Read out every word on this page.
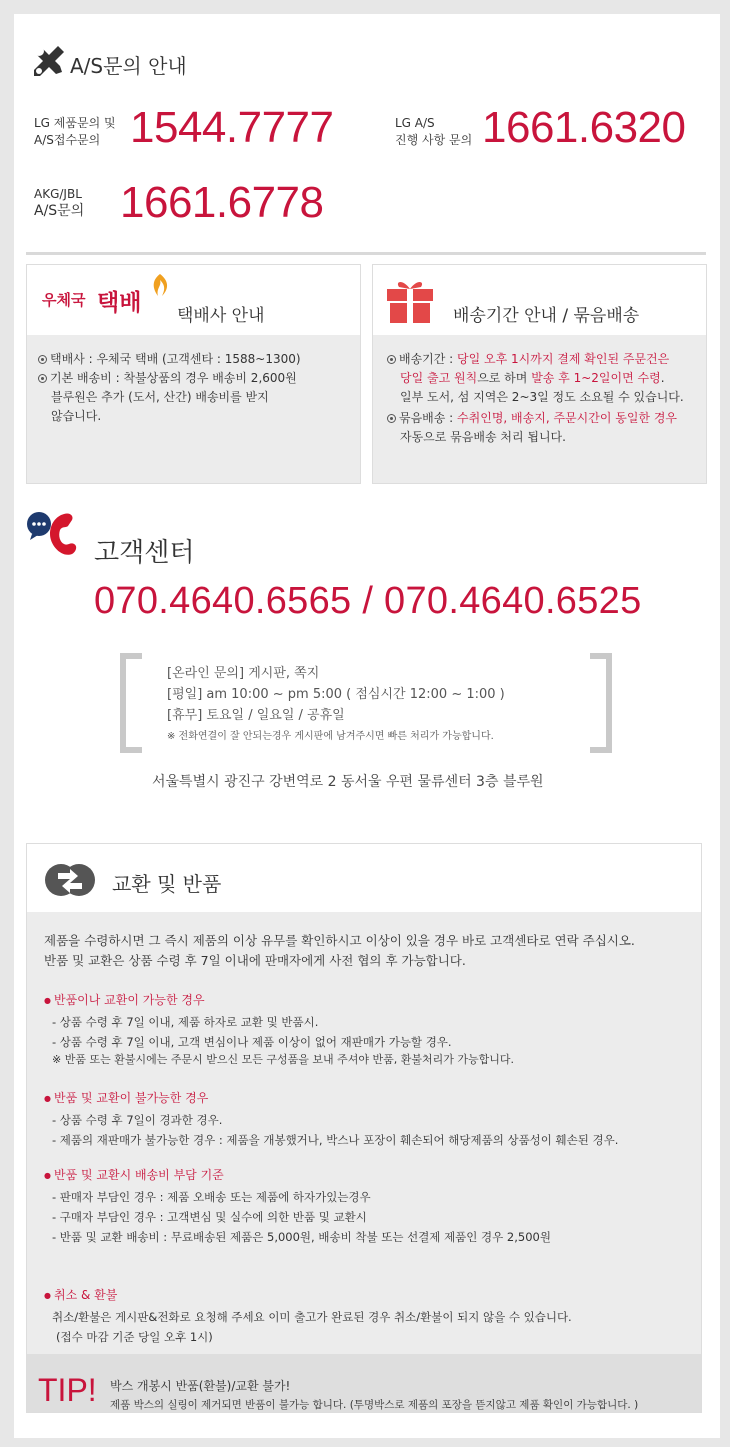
A/S문의 안내
LG 제품문의 및
A/S접수문의 1544.7777	LG A/S
진행 사항 문의 1661.6320
AKG/JBL
A/S문의 1661.6778
우체국 택배 택배사 안내
택배사 : 우체국 택배 (고객센타 : 1588~1300)
기본 배송비 : 착불상품의 경우 배송비 2,600원
블루원은 추가 (도서, 산간) 배송비를 받지
않습니다.
배송기간 안내 / 묶음배송
배송기간 : 당일 오후 1시까지 결제 확인된 주문건은
당일 출고 원칙으로 하며 발송 후 1~2일이면 수령.
일부 도서, 섬 지역은 2~3일 정도 소요될 수 있습니다.
묶음배송 : 수취인명, 배송지, 주문시간이 동일한 경우
자동으로 묶음배송 처리 됩니다.
고객센터
070.4640.6565 / 070.4640.6525
[온라인 문의] 게시판, 쪽지
[평일] am 10:00 ~ pm 5:00 ( 점심시간 12:00 ~ 1:00 )
[휴무] 토요일 / 일요일 / 공휴일
※ 전화연결이 잘 안되는경우 게시판에 남겨주시면 빠른 처리가 가능합니다.
서울특별시 광진구 강변역로 2 동서울 우편 물류센터 3층 블루원
교환 및 반품
제품을 수령하시면 그 즉시 제품의 이상 유무를 확인하시고 이상이 있을 경우 바로 고객센타로 연락 주십시오.
반품 및 교환은 상품 수령 후 7일 이내에 판매자에게 사전 협의 후 가능합니다.
● 반품이나 교환이 가능한 경우
- 상품 수령 후 7일 이내, 제품 하자로 교환 및 반품시.
- 상품 수령 후 7일 이내, 고객 변심이나 제품 이상이 없어 재판매가 가능할 경우.
※ 반품 또는 환불시에는 주문시 받으신 모든 구성품을 보내 주셔야 반품, 환불처리가 가능합니다.
● 반품 및 교환이 불가능한 경우
- 상품 수령 후 7일이 경과한 경우.
- 제품의 재판매가 불가능한 경우 : 제품을 개봉했거나, 박스나 포장이 훼손되어 해당제품의 상품성이 훼손된 경우.
● 반품 및 교환시 배송비 부담 기준
- 판매자 부담인 경우 : 제품 오배송 또는 제품에 하자가있는경우
- 구매자 부담인 경우 : 고객변심 및 실수에 의한 반품 및 교환시
- 반품 및 교환 배송비 : 무료배송된 제품은 5,000원, 배송비 착불 또는 선결제 제품인 경우 2,500원
● 취소 & 환불
취소/환불은 게시판&전화로 요청해 주세요 이미 출고가 완료된 경우 취소/환불이 되지 않을 수 있습니다.
(접수 마감 기준 당일 오후 1시)
TIP! 박스 개봉시 반품(환불)/교환 불가!
제품 박스의 실링이 제거되면 반품이 불가능 합니다. (투명박스로 제품의 포장을 뜯지않고 제품 확인이 가능합니다. )
